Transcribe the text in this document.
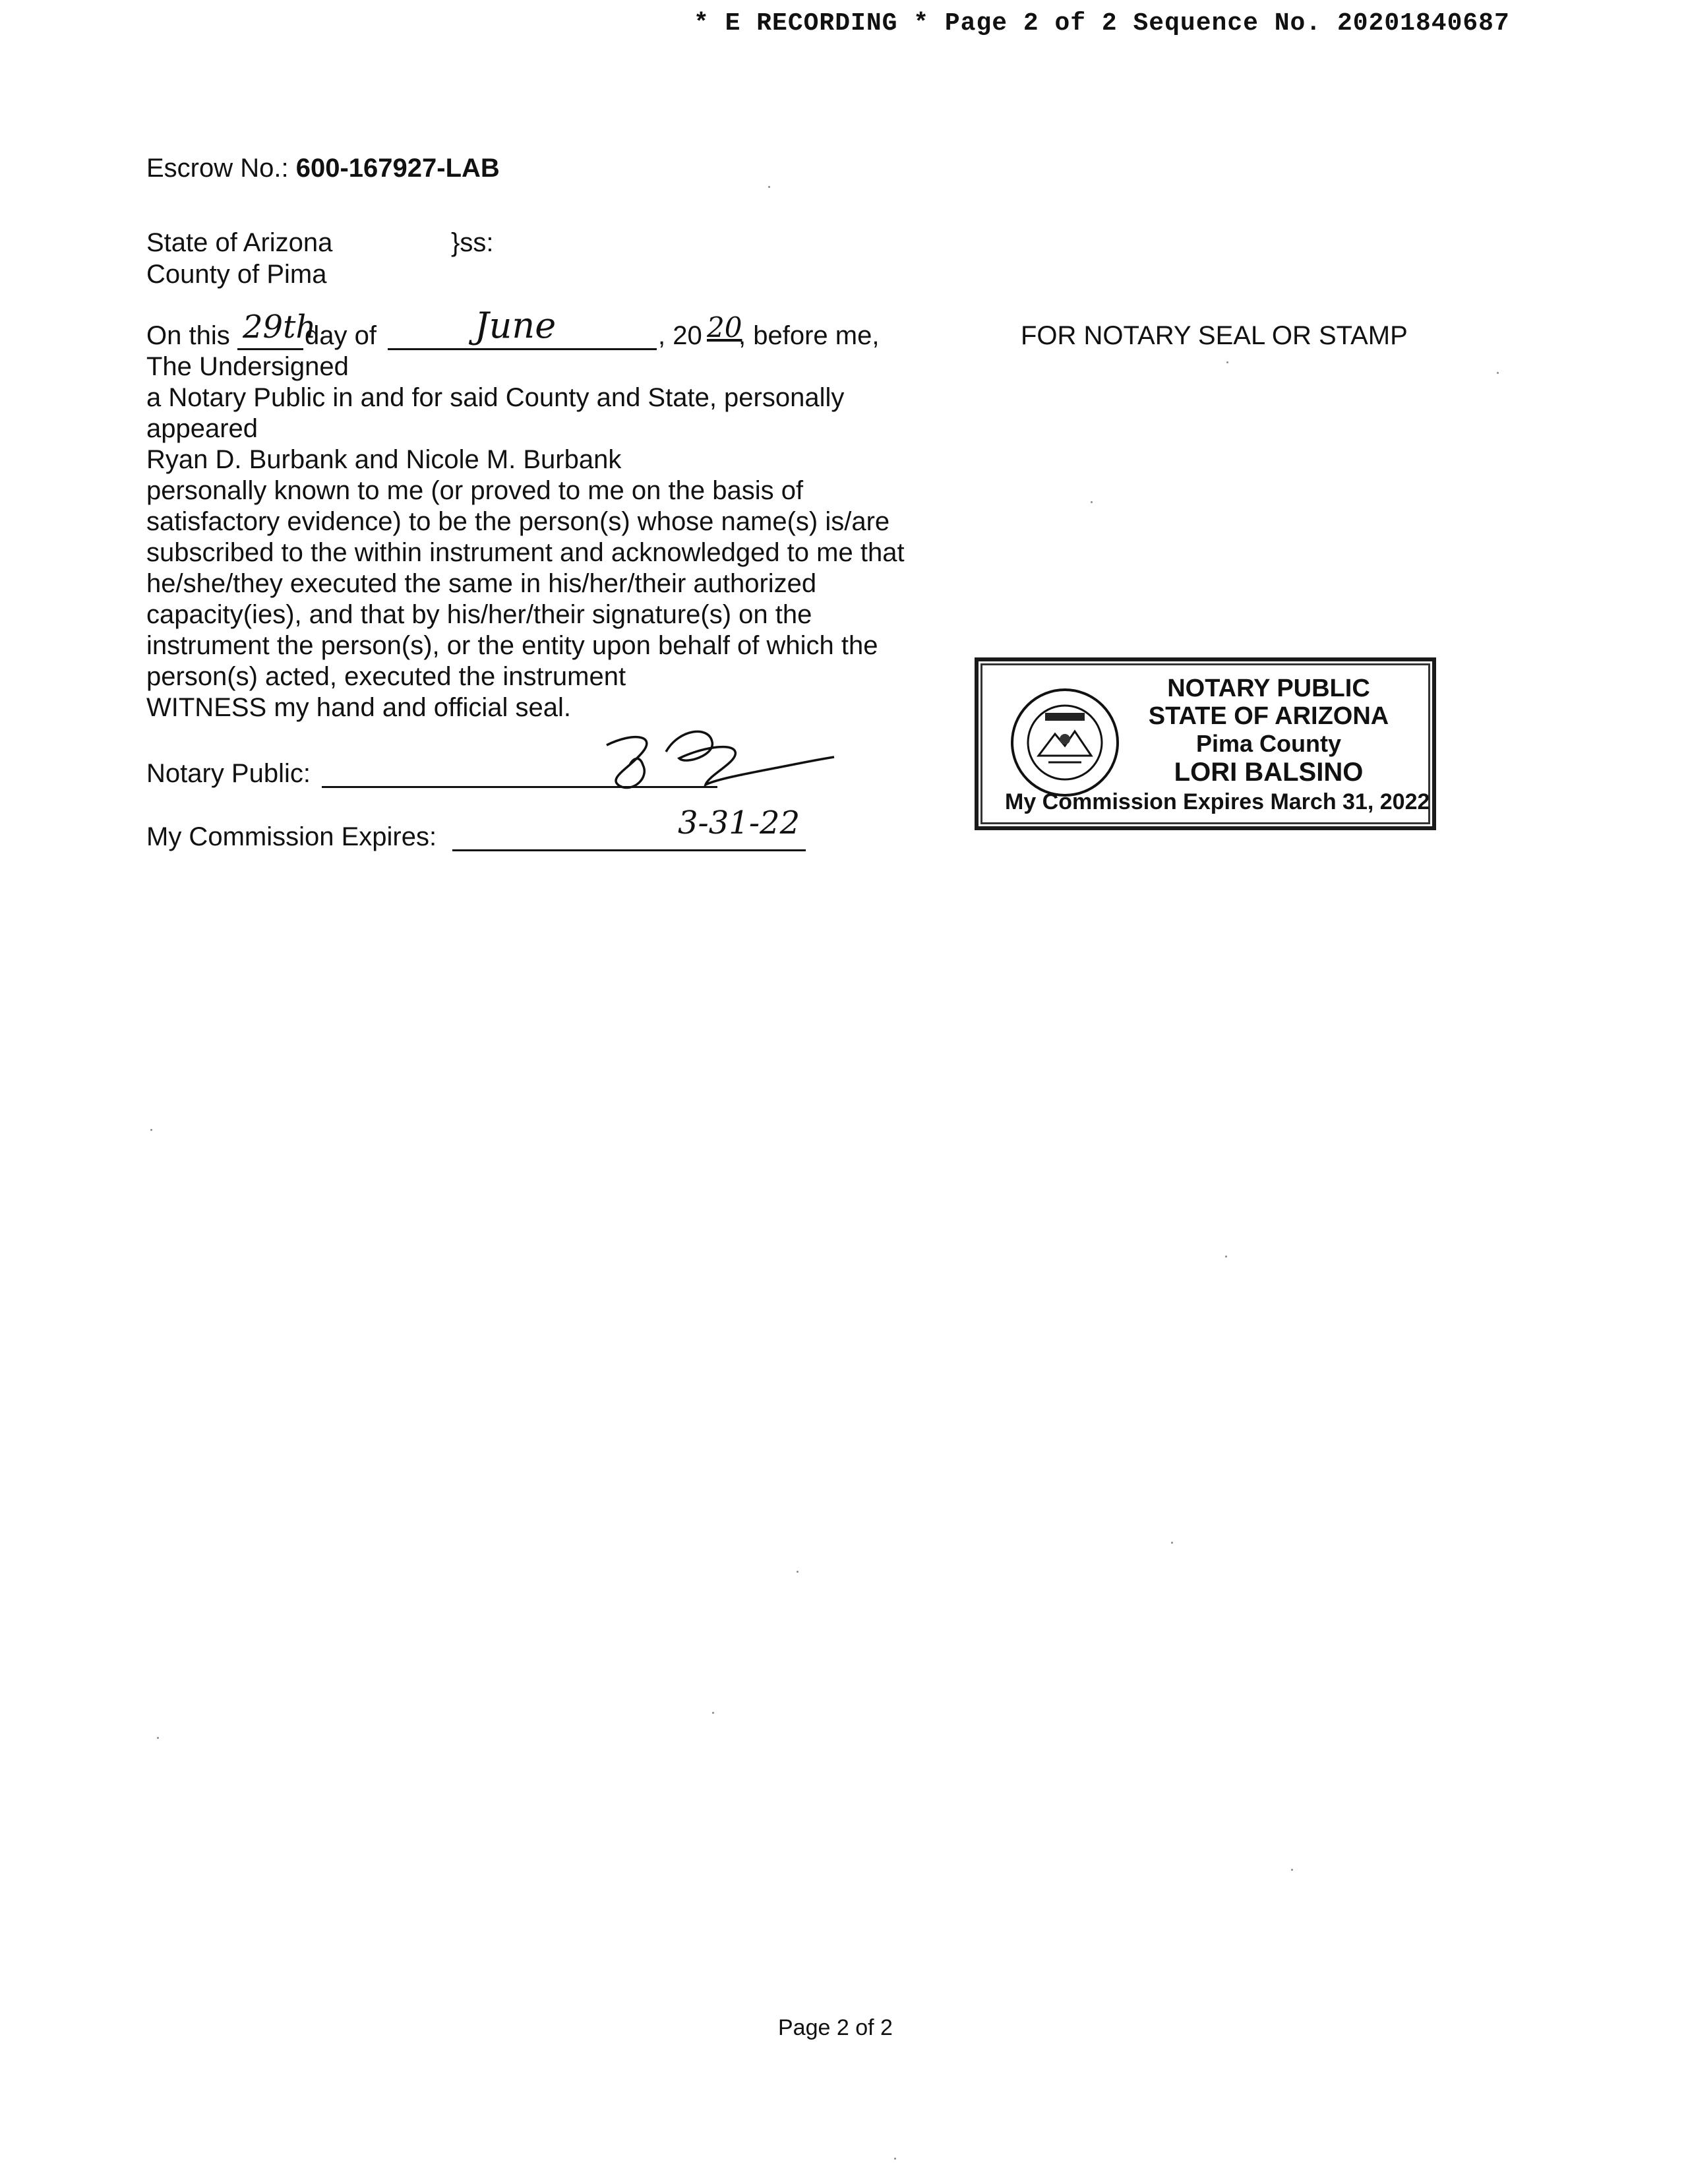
* E RECORDING * Page 2 of 2 Sequence No. 20201840687
Escrow No.: 600-167927-LAB
State of Arizona	}ss:
County of Pima
On this 29th
day of	June	, 20 20
, before me,
The Undersigned
a Notary Public in and for said County and State, personally
appeared
Ryan D. Burbank and Nicole M. Burbank
personally known to me (or proved to me on the basis of
satisfactory evidence) to be the person(s) whose name(s) is/are
subscribed to the within instrument and acknowledged to me that
he/she/they executed the same in his/her/their authorized
capacity(ies), and that by his/her/their signature(s) on the
instrument the person(s), or the entity upon behalf of which the
person(s) acted, executed the instrument
WITNESS my hand and official seal.
Notary Public:
My Commission Expires:	3-31-22
FOR NOTARY SEAL OR STAMP
NOTARY PUBLIC
STATE OF ARIZONA
Pima County
LORI BALSINO
My Commission Expires March 31, 2022
Page 2 of 2
